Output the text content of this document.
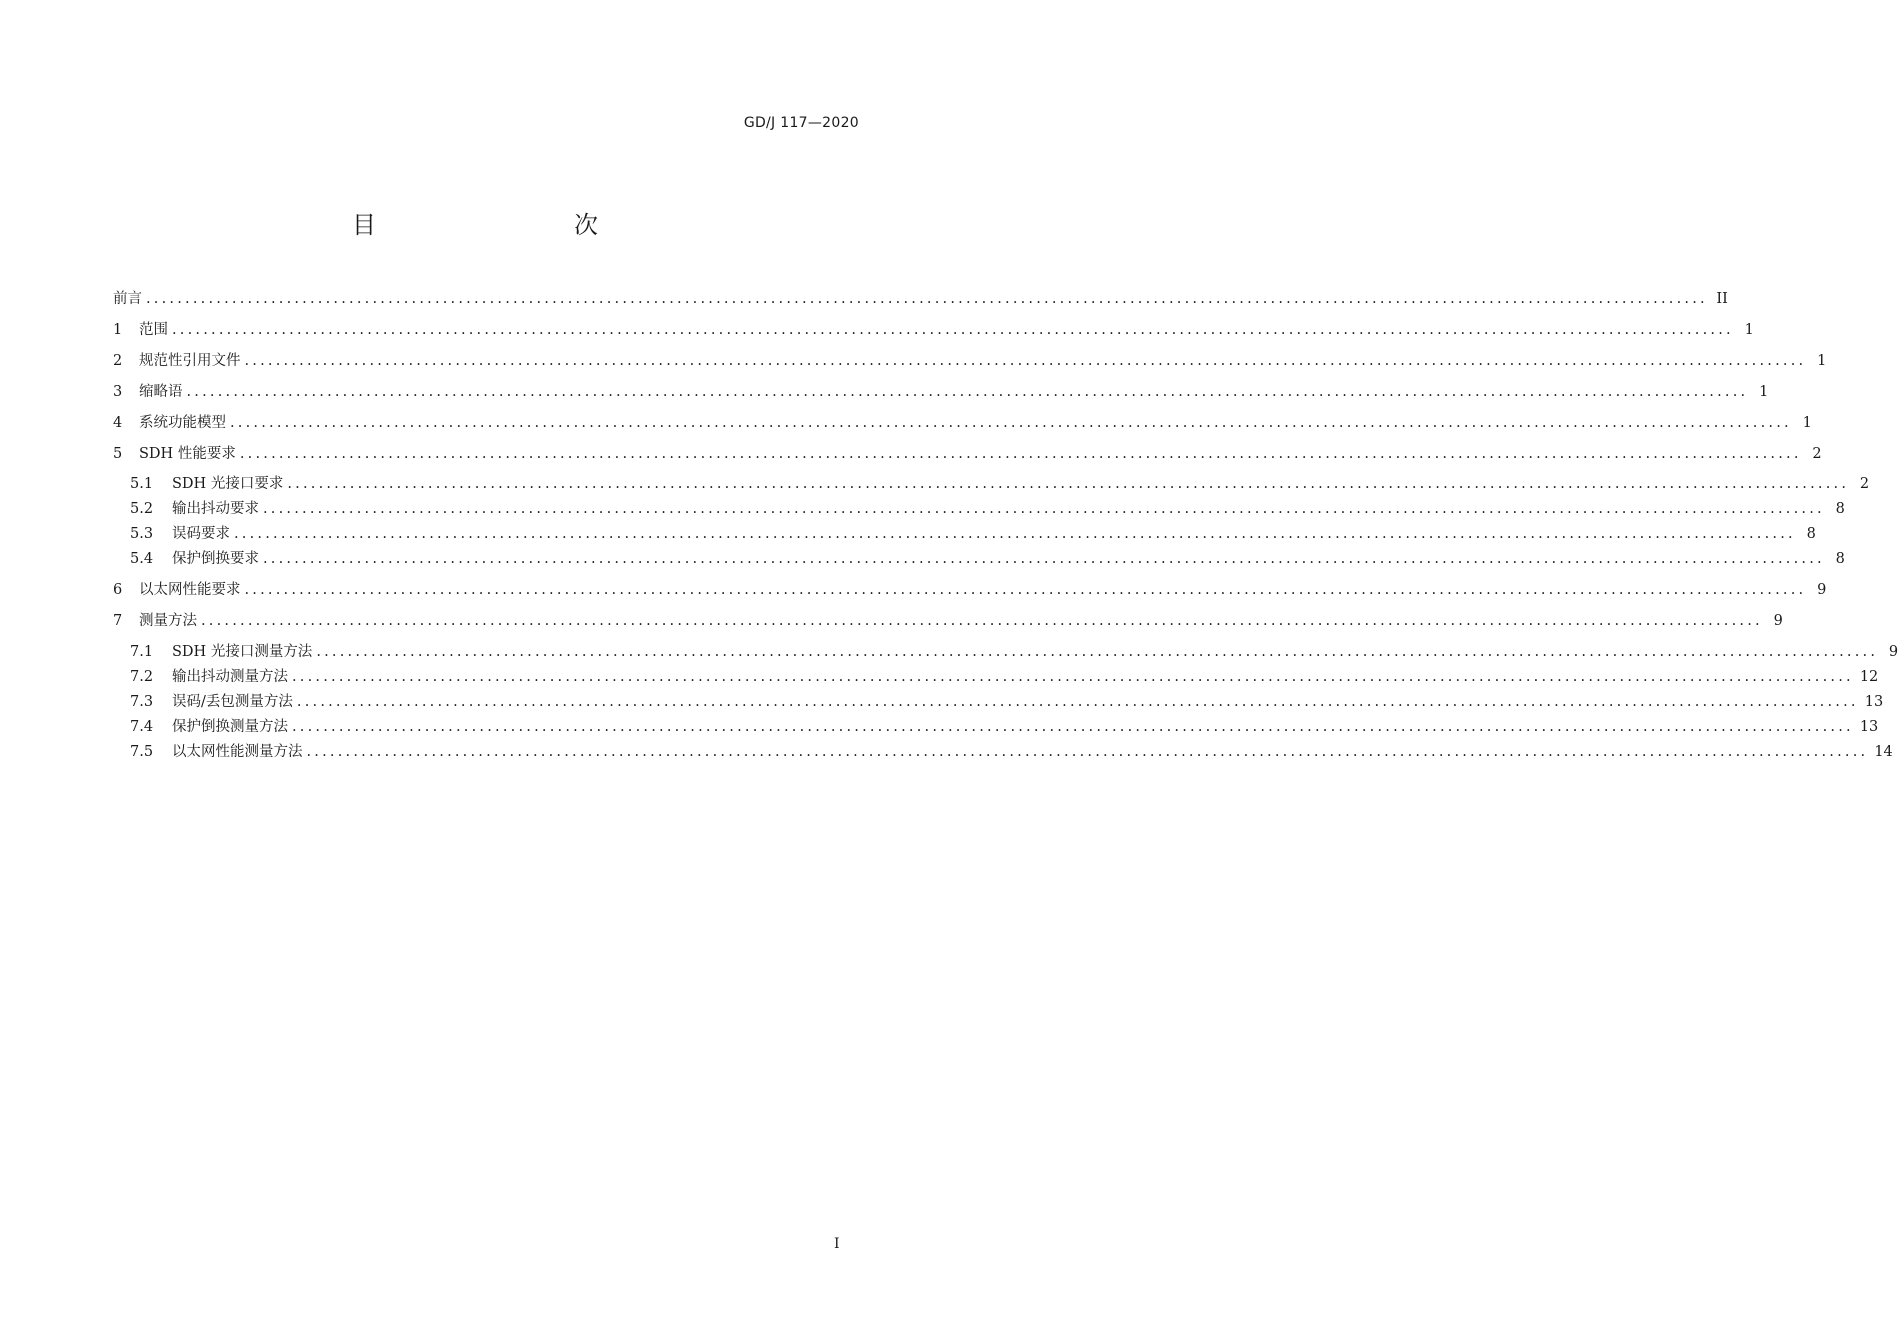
GD/J 117—2020
目　　次
前言 ........................................................................................................................................................................................................ II
1	范围 ........................................................................................................................................................................................................ 1
2	规范性引用文件 ........................................................................................................................................................................................................ 1
3	缩略语 ........................................................................................................................................................................................................ 1
4	系统功能模型 ........................................................................................................................................................................................................ 1
5	SDH 性能要求 ........................................................................................................................................................................................................ 2
5.1	SDH 光接口要求 ........................................................................................................................................................................................................ 2
5.2	输出抖动要求 ........................................................................................................................................................................................................ 8
5.3	误码要求 ........................................................................................................................................................................................................ 8
5.4	保护倒换要求 ........................................................................................................................................................................................................ 8
6	以太网性能要求 ........................................................................................................................................................................................................ 9
7	测量方法 ........................................................................................................................................................................................................ 9
7.1	SDH 光接口测量方法 ........................................................................................................................................................................................................ 9
7.2	输出抖动测量方法 ........................................................................................................................................................................................................ 12
7.3	误码/丢包测量方法 ........................................................................................................................................................................................................ 13
7.4	保护倒换测量方法 ........................................................................................................................................................................................................ 13
7.5	以太网性能测量方法 ........................................................................................................................................................................................................ 14
I
